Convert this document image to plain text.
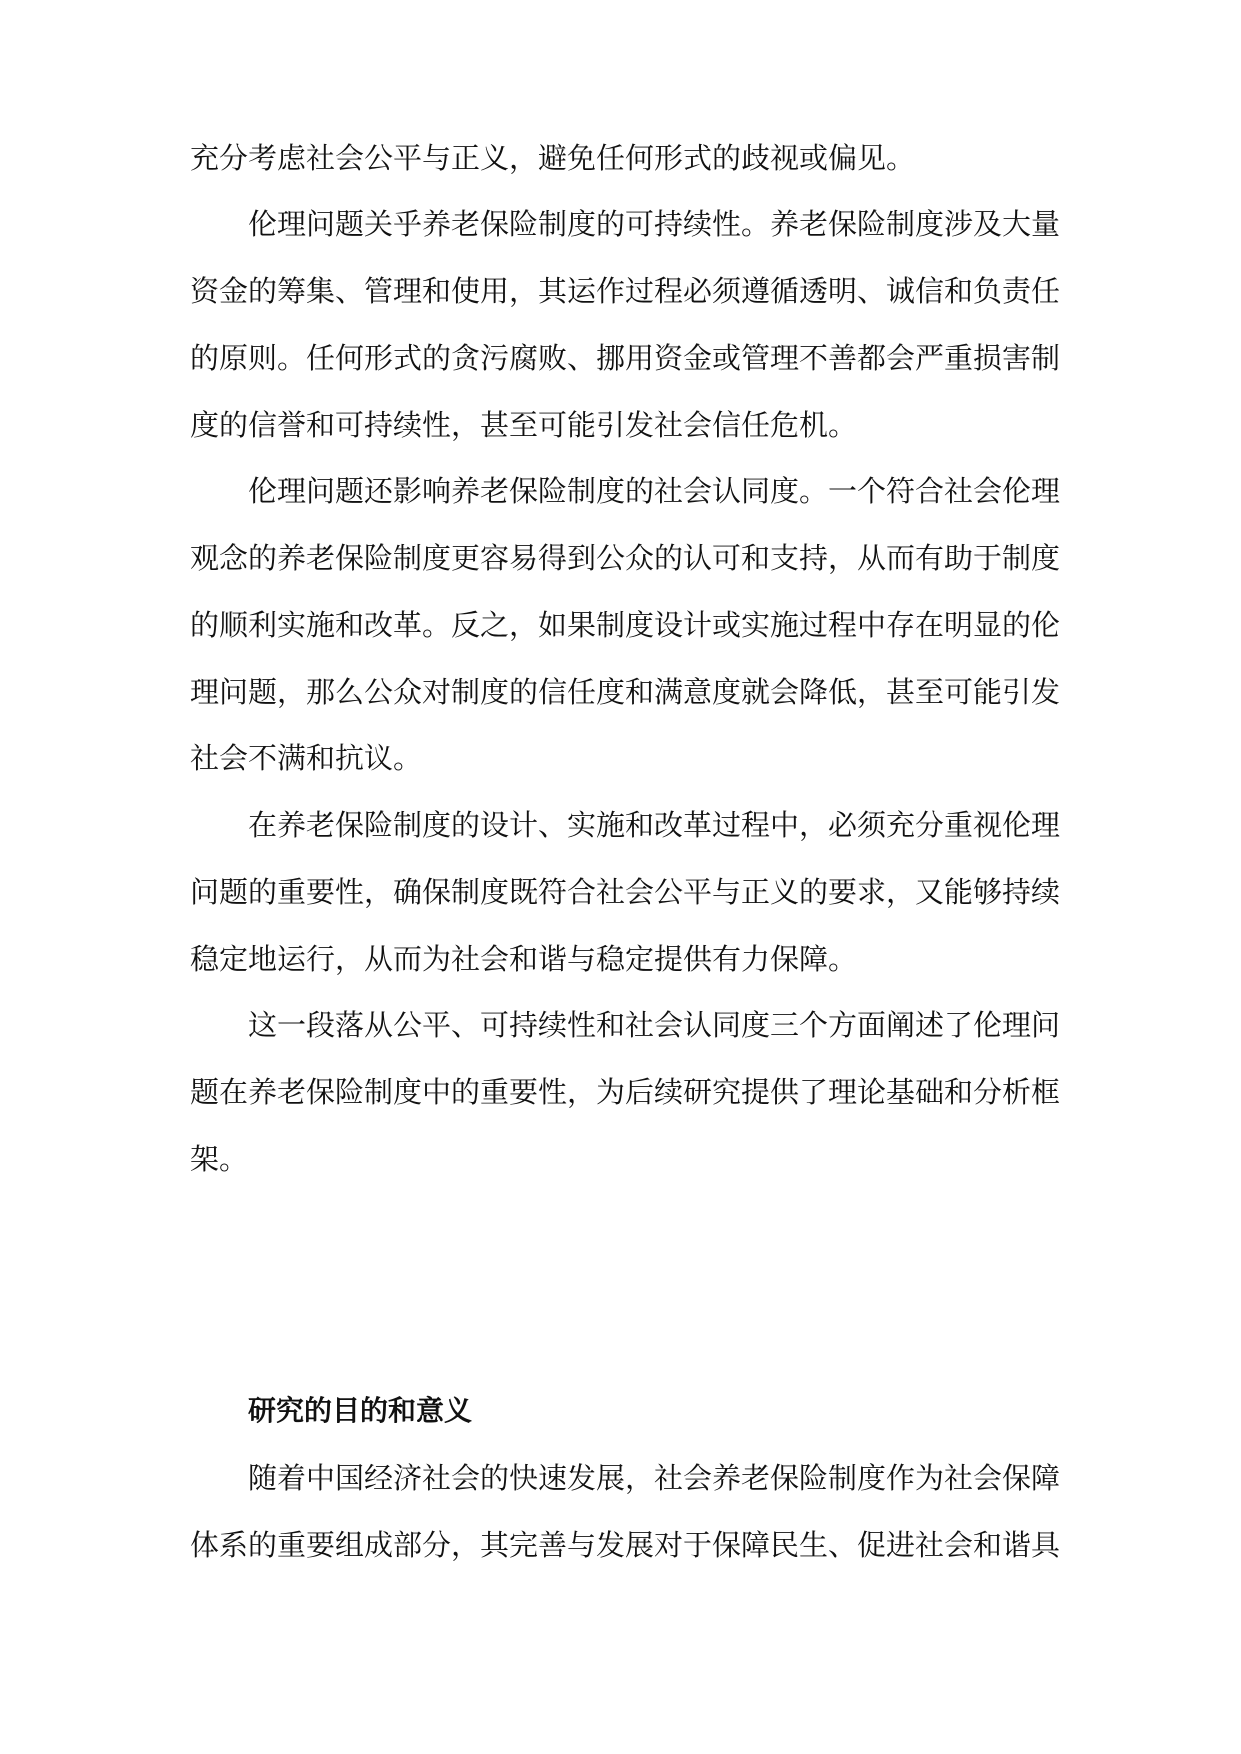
充分考虑社会公平与正义，避免任何形式的歧视或偏见。
伦理问题关乎养老保险制度的可持续性。养老保险制度涉及大量
资金的筹集、管理和使用，其运作过程必须遵循透明、诚信和负责任
的原则。任何形式的贪污腐败、挪用资金或管理不善都会严重损害制
度的信誉和可持续性，甚至可能引发社会信任危机。
伦理问题还影响养老保险制度的社会认同度。一个符合社会伦理
观念的养老保险制度更容易得到公众的认可和支持，从而有助于制度
的顺利实施和改革。反之，如果制度设计或实施过程中存在明显的伦
理问题，那么公众对制度的信任度和满意度就会降低，甚至可能引发
社会不满和抗议。
在养老保险制度的设计、实施和改革过程中，必须充分重视伦理
问题的重要性，确保制度既符合社会公平与正义的要求，又能够持续
稳定地运行，从而为社会和谐与稳定提供有力保障。
这一段落从公平、可持续性和社会认同度三个方面阐述了伦理问
题在养老保险制度中的重要性，为后续研究提供了理论基础和分析框
架。
研究的目的和意义
随着中国经济社会的快速发展，社会养老保险制度作为社会保障
体系的重要组成部分，其完善与发展对于保障民生、促进社会和谐具
